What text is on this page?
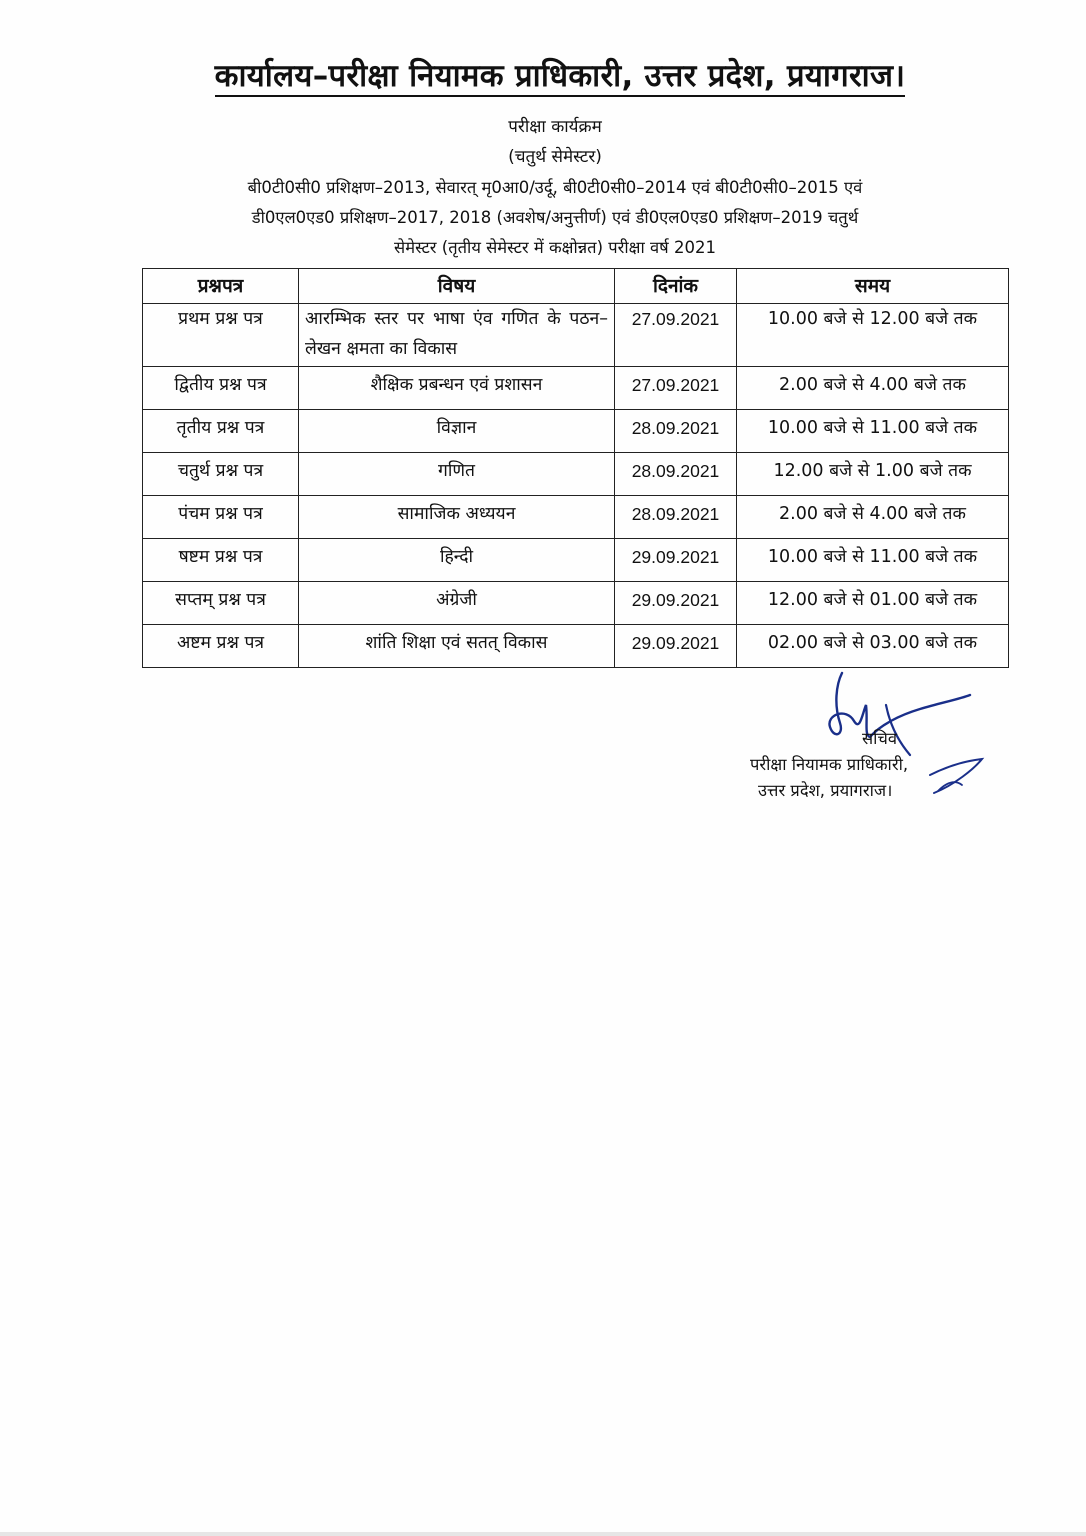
कार्यालय–परीक्षा नियामक प्राधिकारी, उत्तर प्रदेश, प्रयागराज।
परीक्षा कार्यक्रम
(चतुर्थ सेमेस्टर)
बी0टी0सी0 प्रशिक्षण–2013, सेवारत् मृ0आ0/उर्दू, बी0टी0सी0–2014 एवं बी0टी0सी0–2015 एवं
डी0एल0एड0 प्रशिक्षण–2017, 2018 (अवशेष/अनुत्तीर्ण) एवं डी0एल0एड0 प्रशिक्षण–2019 चतुर्थ
सेमेस्टर (तृतीय सेमेस्टर में कक्षोन्नत) परीक्षा वर्ष 2021
प्रश्नपत्र	विषय	दिनांक	समय
प्रथम प्रश्न पत्र	आरम्भिक स्तर पर भाषा एंव गणित के पठन–लेखन क्षमता का विकास	27.09.2021	10.00 बजे से 12.00 बजे तक
द्वितीय प्रश्न पत्र	शैक्षिक प्रबन्धन एवं प्रशासन	27.09.2021	2.00 बजे से 4.00 बजे तक
तृतीय प्रश्न पत्र	विज्ञान	28.09.2021	10.00 बजे से 11.00 बजे तक
चतुर्थ प्रश्न पत्र	गणित	28.09.2021	12.00 बजे से 1.00 बजे तक
पंचम प्रश्न पत्र	सामाजिक अध्ययन	28.09.2021	2.00 बजे से 4.00 बजे तक
षष्टम प्रश्न पत्र	हिन्दी	29.09.2021	10.00 बजे से 11.00 बजे तक
सप्तम् प्रश्न पत्र	अंग्रेजी	29.09.2021	12.00 बजे से 01.00 बजे तक
अष्टम प्रश्न पत्र	शांति शिक्षा एवं सतत् विकास	29.09.2021	02.00 बजे से 03.00 बजे तक
सचिव
परीक्षा नियामक प्राधिकारी,
उत्तर प्रदेश, प्रयागराज।
